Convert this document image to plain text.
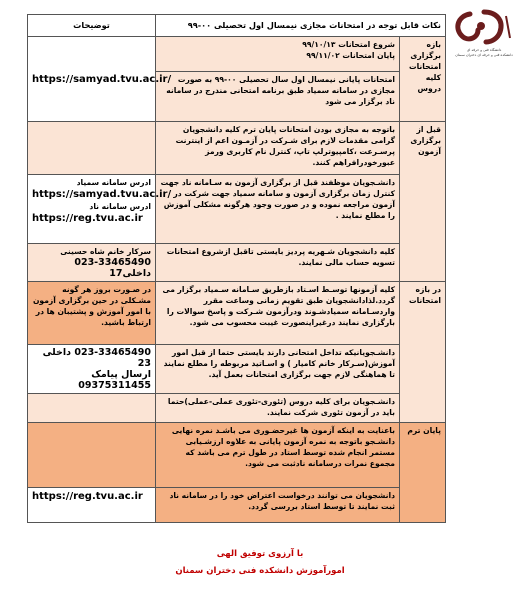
دانشگاه فنی و حرفه ای
دانشکده فنی و حرفه ای دختران سمنان
نکات قابل توجه در امتحانات مجازی نیمسال اول تحصیلی ۰۰-۹۹		توضیحات
بازه برگزاری امتحانات کلیه دروس	شروع امتحانات ۹۹/۱۰/۱۳
پایان امتحانات ۹۹/۱۱/۰۲	https://samyad.tvu.ac.ir/

	امتحانات پایانی نیمسال اول سال تحصیلی ۰۰-۹۹ به صورت مجازی در سامانه سمیاد طبق برنامه امتحانی مندرج در سامانه ناد برگزار می شود	
قبل از برگزاری آزمون	باتوجه به مجازی بودن امتحانات پایان ترم کلیه دانشجویان گرامی مقدمات لازم برای شـرکت در آزمـون اعم از اینترنت پرسـرعت ،کامپیوترلپ تاپ، کنترل نام کاربری ورمز عبورخودرافراهم کنند.	
	دانشـجویان موظفند قبل از برگزاری آزمون به سـامانه ناد جهت کنترل زمان برگزاری آزمون و سامانه سمیاد جهت شرکت در آزمون مراجعه نموده و در صورت وجود هرگونه مشکلی آموزش را مطلع نمایند .	ادرس سامانه سمیاد
https://samyad.tvu.ac.ir/
ادرس سامانه ناد
https://reg.tvu.ac.ir

	کلیه دانشجویان شـهریه پردیز بایستی تاقبل ازشروع امتحانات تسویه حساب مالی نمایند.	سرکار خانم شاه حسینی
023-33465490 داخلی17

در بازه امتحانات	کلیه آزمونها توسـط اسـتاد بازطریق سـامانه سـمیاد برگزار می گردد.لذادانشجویان طبق تقویم زمانی وساعت مقرر واردسـامانه سمیادشـوند ودرآزمون شـرکت و پاسخ سوالات را بارگزاری نمایند درغیراینصورت غیبت محسوب می شود.	در صـورت بروز هر گونه مشـکلی در حین برگزاری آزمون با امور آموزش و پشتیبان ها در ارتباط باشید.
	دانشـجویانیکه تداخل امتحانی دارند بایستی حتما از قبل امور آموزش(سـرکار خانم کامیار ) و اسـاتید مربوطه را مطلع نمایند تا هماهنگی لازم جهت برگزاری امتحانات بعمل آید.	023-33465490 داخلی 23
ارسال پیامک 09375311455

	دانشـجویان برای کلیه دروس (تئوری-تئوری عملی-عملی)حتما باید در آزمون تئوری شرکت نمایند.	
پایان ترم	باعنایت به اینکه آزمون ها غیرحضـوری می باشـد نمره نهایی دانشـجو باتوجه به نمره آزمون پایانی به علاوه ارزشـیابی مستمر انجام شده توسط استاد در طول ترم می باشد که مجموع نمرات درسامانه نادثبت می شود.	
	دانشجویان می توانند درخواست اعتراض خود را در سامانه ناد ثبت نمایند تا توسط استاد بررسی گردد.	https://reg.tvu.ac.ir
با آرزوی توفیق الهی
امورآموزش دانشکده فنی دختران سمنان
